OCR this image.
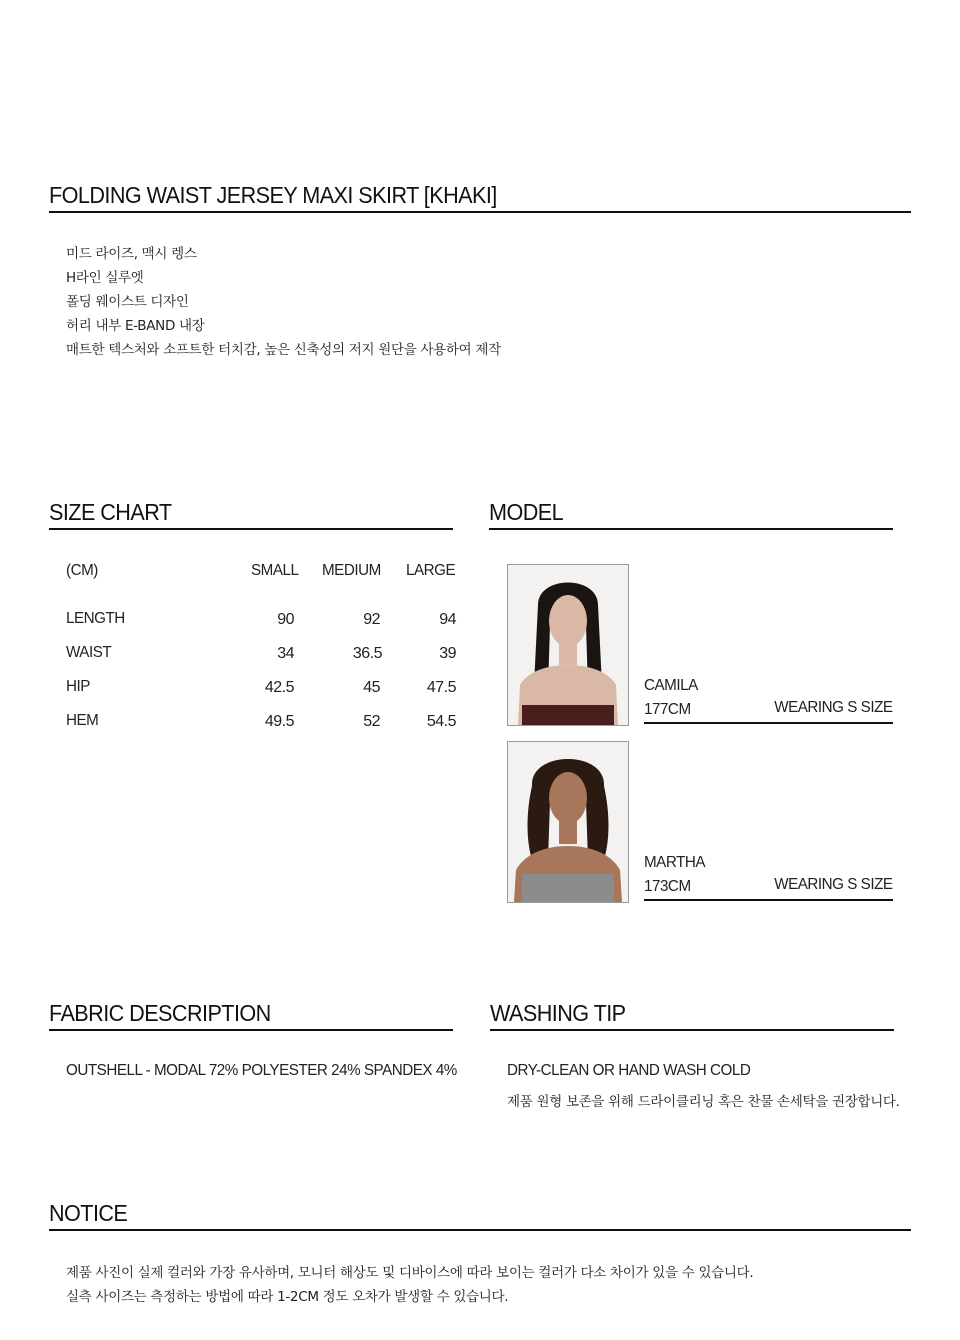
FOLDING WAIST JERSEY MAXI SKIRT [KHAKI]
미드 라이즈, 맥시 렝스
H라인 실루엣
폴딩 웨이스트 디자인
허리 내부 E-BAND 내장
매트한 텍스처와 소프트한 터치감, 높은 신축성의 저지 원단을 사용하여 제작
SIZE CHART
(CM)	SMALL MEDIUM LARGE
LENGTH	90	92	94
WAIST	34	36.5	39
HIP	42.5	45	47.5
HEM	49.5	52	54.5
MODEL
CAMILA
177CM	WEARING S SIZE
MARTHA
173CM	WEARING S SIZE
FABRIC DESCRIPTION
OUTSHELL - MODAL 72% POLYESTER 24% SPANDEX 4%
WASHING TIP
DRY-CLEAN OR HAND WASH COLD
제품 원형 보존을 위해 드라이클리닝 혹은 찬물 손세탁을 권장합니다.
NOTICE
제품 사진이 실제 컬러와 가장 유사하며, 모니터 해상도 및 디바이스에 따라 보이는 컬러가 다소 차이가 있을 수 있습니다.
실측 사이즈는 측정하는 방법에 따라 1-2CM 정도 오차가 발생할 수 있습니다.
